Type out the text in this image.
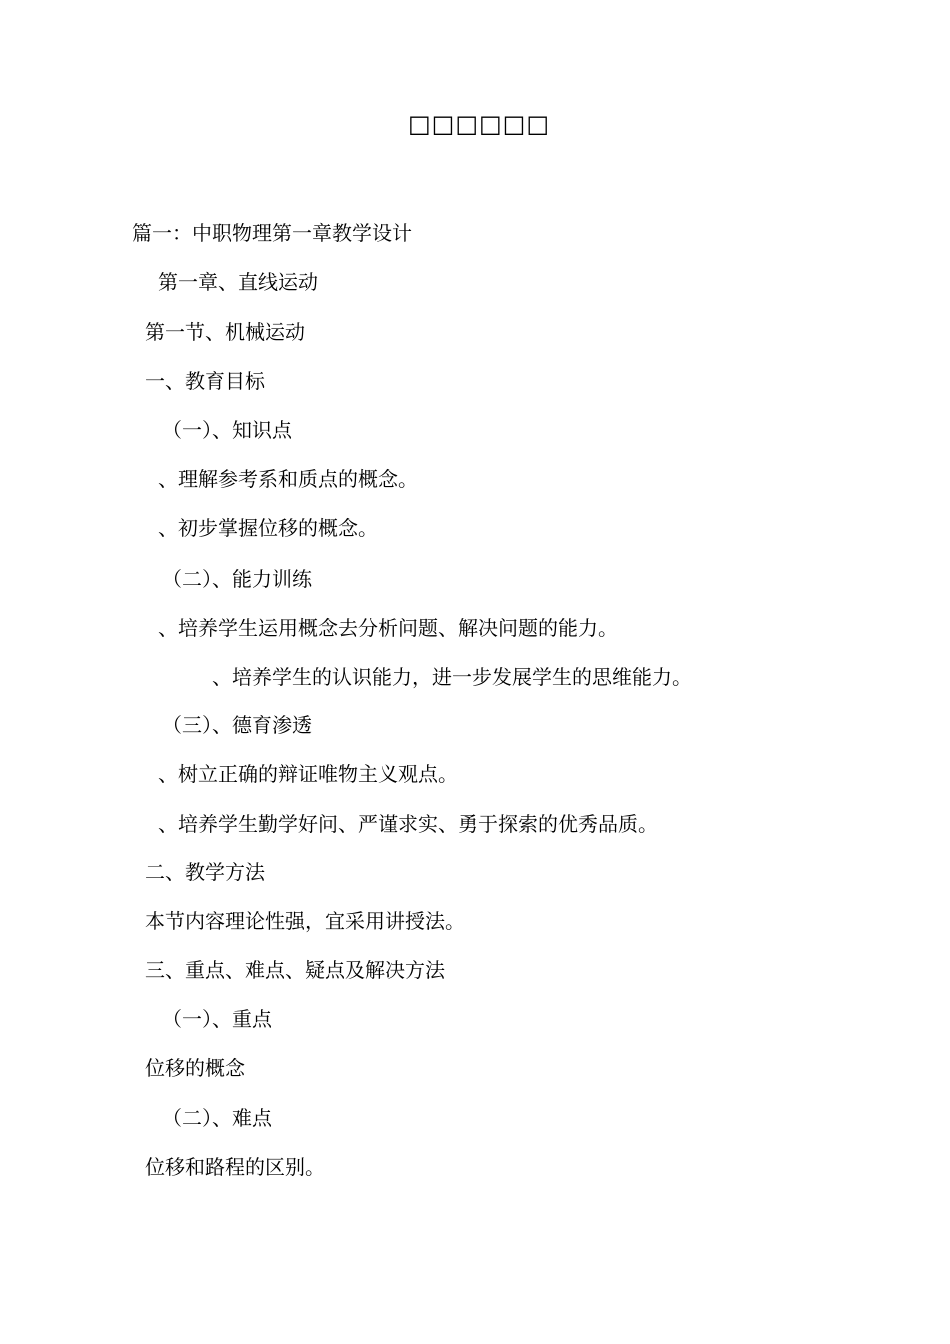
□□□□□□
篇一：中职物理第一章教学设计
第一章、直线运动
第一节、机械运动
一、教育目标
（一）、知识点
、理解参考系和质点的概念。
、初步掌握位移的概念。
（二）、能力训练
、培养学生运用概念去分析问题、解决问题的能力。
、培养学生的认识能力，进一步发展学生的思维能力。
（三）、德育渗透
、树立正确的辩证唯物主义观点。
、培养学生勤学好问、严谨求实、勇于探索的优秀品质。
二、教学方法
本节内容理论性强，宜采用讲授法。
三、重点、难点、疑点及解决方法
（一）、重点
位移的概念
（二）、难点
位移和路程的区别。
